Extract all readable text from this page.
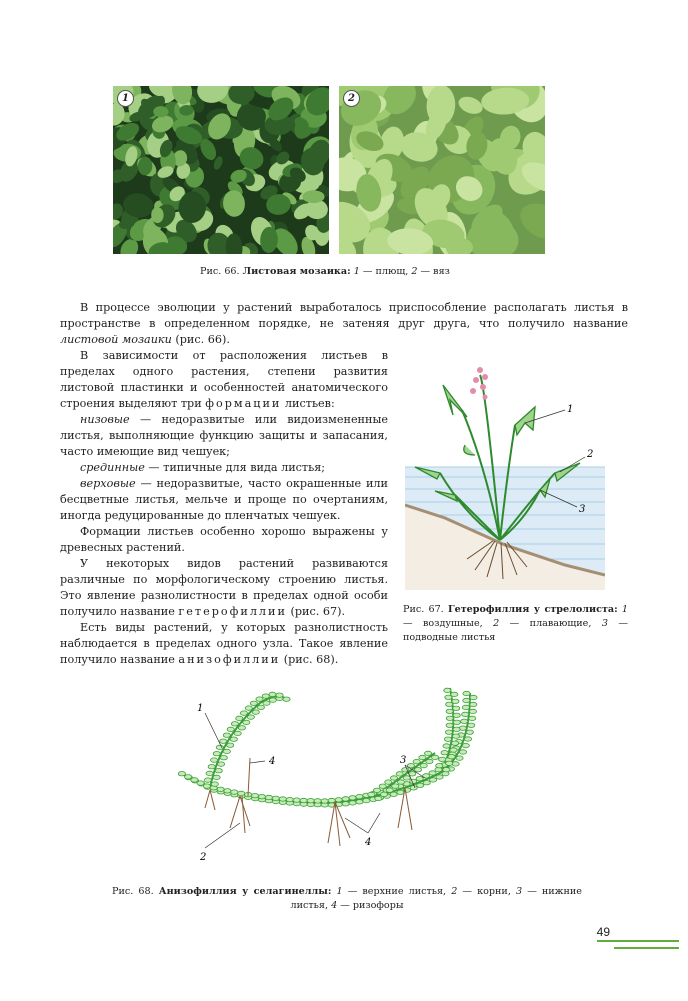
1	2
Рис. 66. Листовая мозаика: 1 — плющ, 2 — вяз

В процессе эволюции у растений выработалось приспособление располагать листья в пространстве в определенном порядке, не затеняя друг друга, что получило название листовой мозаики (рис. 66).

В зависимости от расположения листьев в пределах одного растения, степени развития листовой пластинки и особенностей анатомического строения выделяют три формации листьев:

низовые — недоразвитые или видоизмененные листья, выполняющие функцию защиты и запасания, часто имеющие вид чешуек;

срединные — типичные для вида листья;

верховые — недоразвитые, часто окрашенные или бесцветные листья, мельче и проще по очертаниям, иногда редуцированные до пленчатых чешуек.

Формации листьев особенно хорошо выражены у древесных растений.

У некоторых видов растений развиваются различные по морфологическому строению листья. Это явление разнолистности в пределах одной особи получило название гетерофиллии (рис. 67).

Есть виды растений, у которых разнолистность наблюдается в пределах одного узла. Такое явление получило название анизофиллии (рис. 68).

1
2
3
Рис. 67. Гетерофиллия у стрелолиста: 1 — воздушные, 2 — плавающие, 3 — подводные листья
1
4
2
4
3
Рис. 68. Анизофиллия у селагинеллы: 1 — верхние листья, 2 — корни, 3 — нижние листья, 4 — ризофоры
49
